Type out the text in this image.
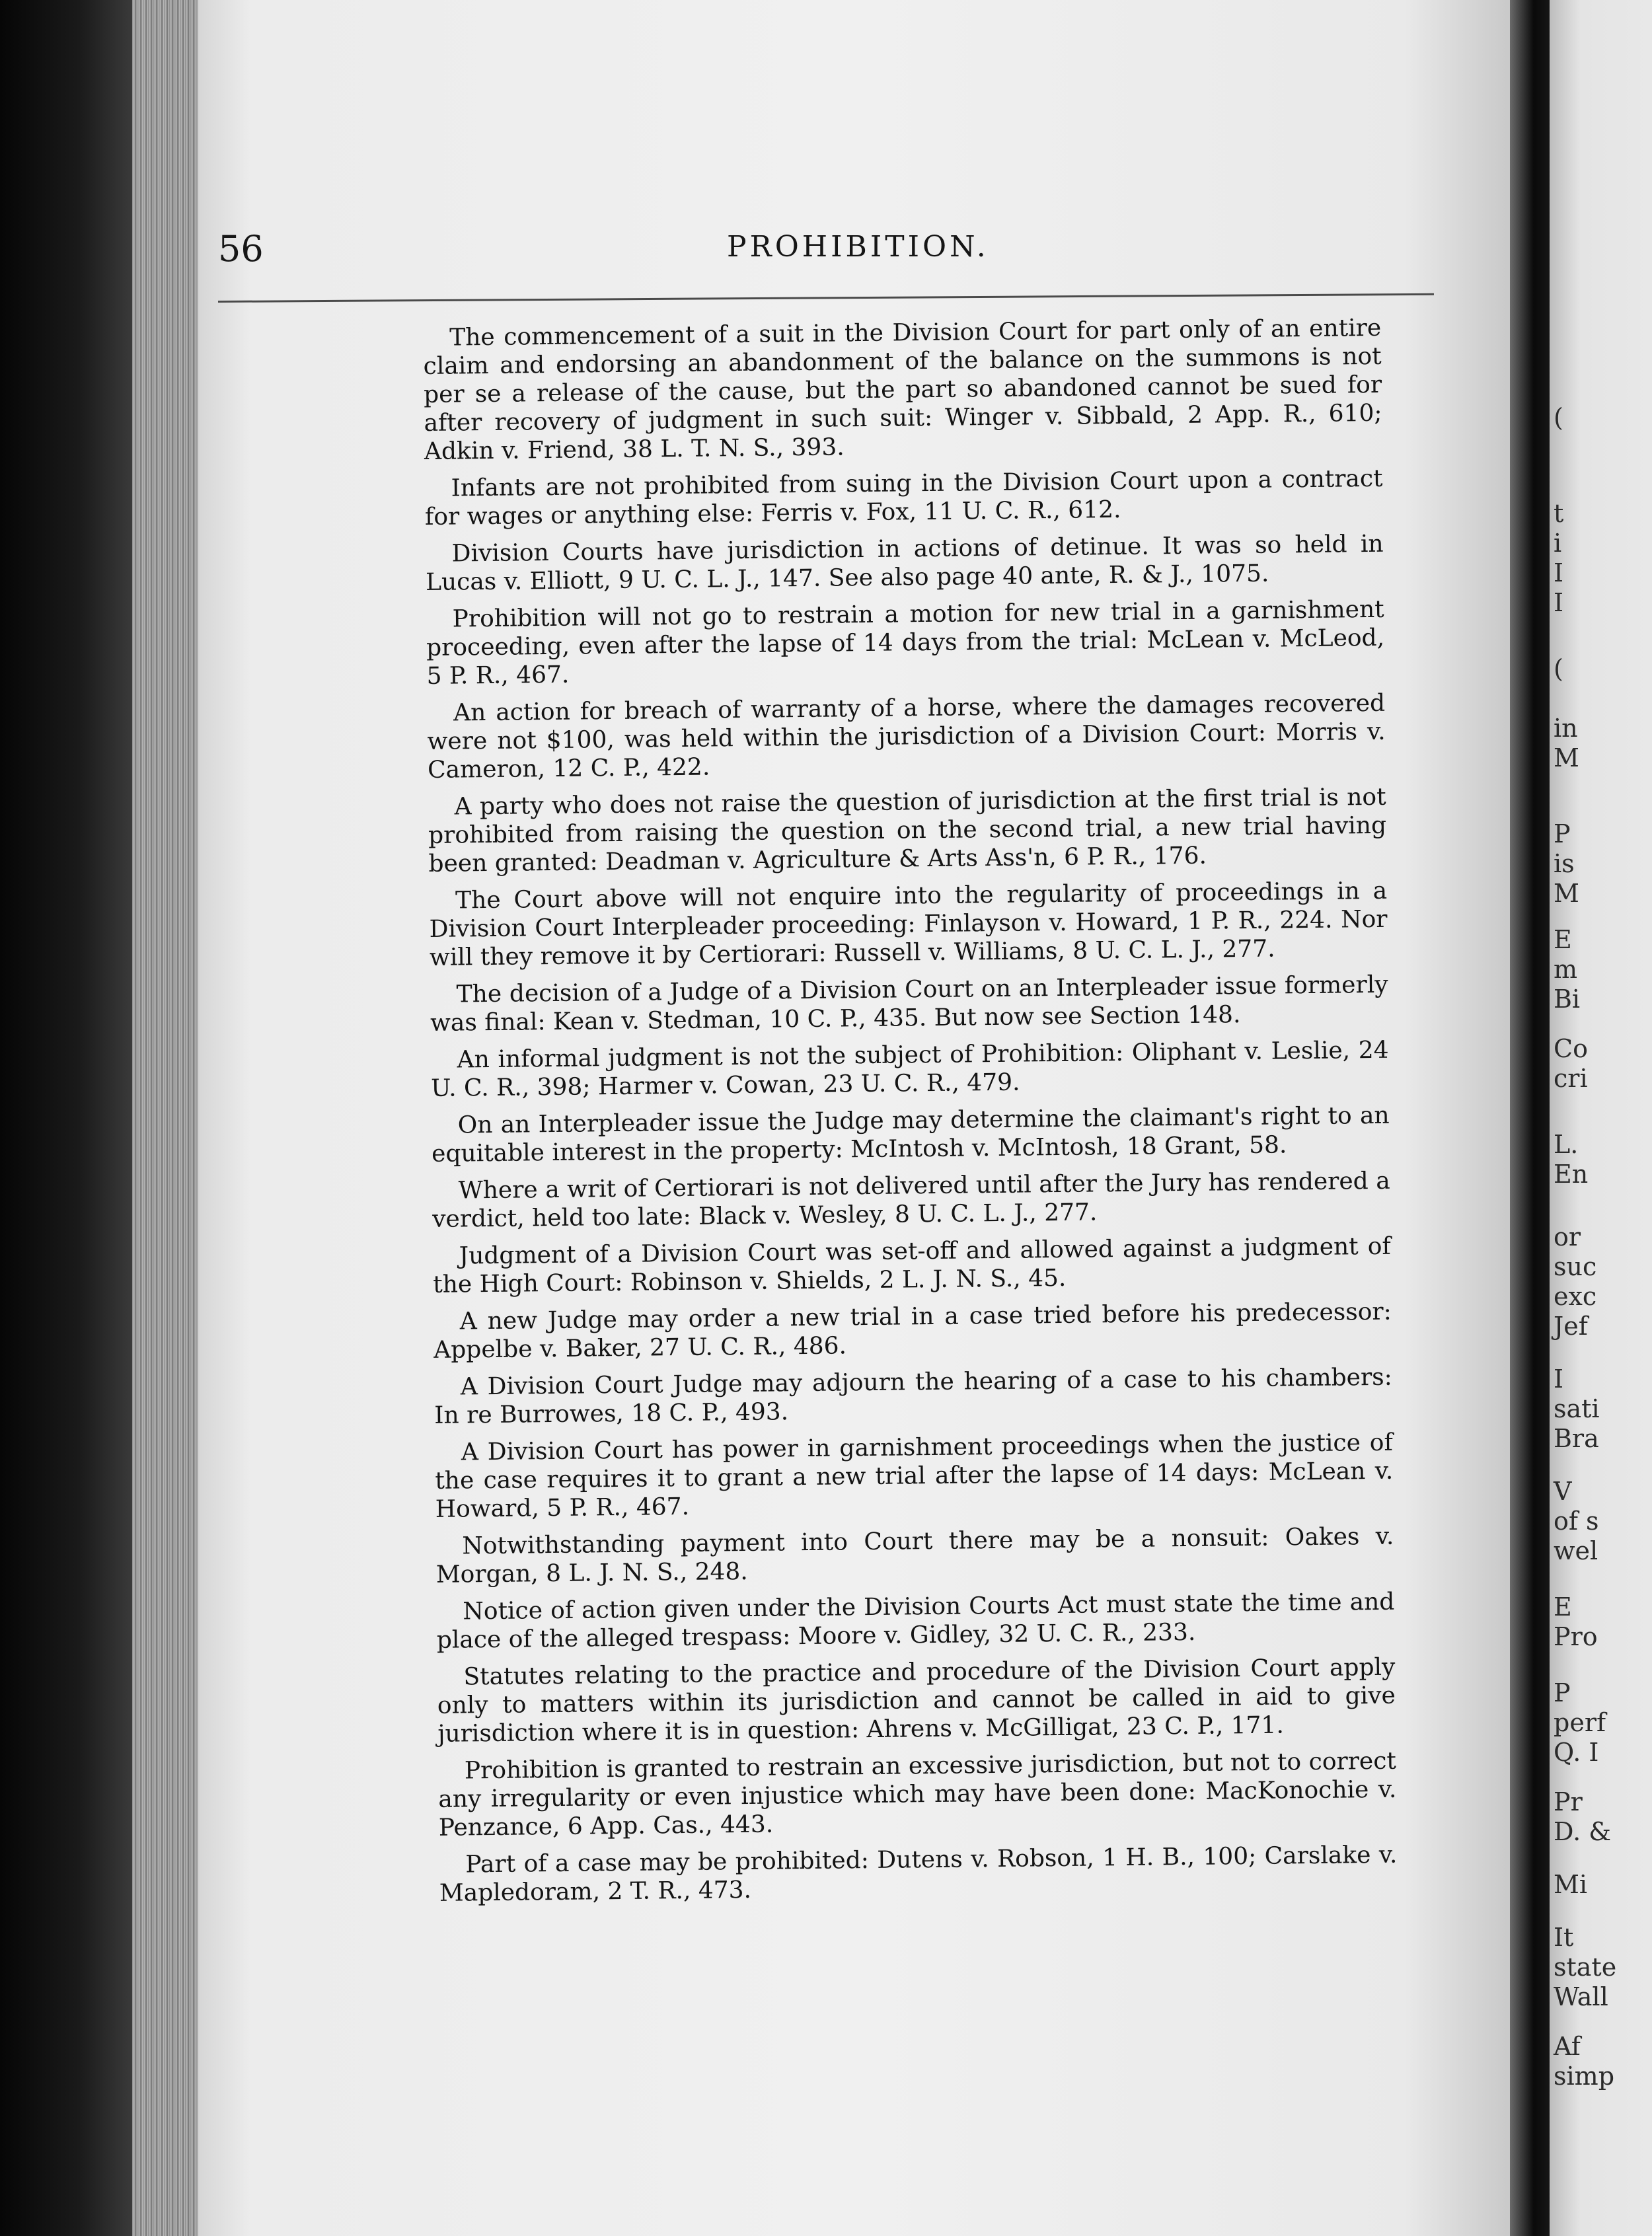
56	PROHIBITION.

The commencement of a suit in the Division Court for part only of an entire claim and endorsing an abandonment of the balance on the summons is not per se a release of the cause, but the part so abandoned cannot be sued for after recovery of judgment in such suit: Winger v. Sibbald, 2 App. R., 610; Adkin v. Friend, 38 L. T. N. S., 393.

Infants are not prohibited from suing in the Division Court upon a contract for wages or anything else: Ferris v. Fox, 11 U. C. R., 612.

Division Courts have jurisdiction in actions of detinue. It was so held in Lucas v. Elliott, 9 U. C. L. J., 147. See also page 40 ante, R. & J., 1075.

Prohibition will not go to restrain a motion for new trial in a garnishment proceeding, even after the lapse of 14 days from the trial: McLean v. McLeod, 5 P. R., 467.

An action for breach of warranty of a horse, where the damages recovered were not $100, was held within the jurisdiction of a Division Court: Morris v. Cameron, 12 C. P., 422.

A party who does not raise the question of jurisdiction at the first trial is not prohibited from raising the question on the second trial, a new trial having been granted: Deadman v. Agriculture & Arts Ass'n, 6 P. R., 176.

The Court above will not enquire into the regularity of proceedings in a Division Court Interpleader proceeding: Finlayson v. Howard, 1 P. R., 224. Nor will they remove it by Certiorari: Russell v. Williams, 8 U. C. L. J., 277.

The decision of a Judge of a Division Court on an Interpleader issue formerly was final: Kean v. Stedman, 10 C. P., 435. But now see Section 148.

An informal judgment is not the subject of Prohibition: Oliphant v. Leslie, 24 U. C. R., 398; Harmer v. Cowan, 23 U. C. R., 479.

On an Interpleader issue the Judge may determine the claimant's right to an equitable interest in the property: McIntosh v. McIntosh, 18 Grant, 58.

Where a writ of Certiorari is not delivered until after the Jury has rendered a verdict, held too late: Black v. Wesley, 8 U. C. L. J., 277.

Judgment of a Division Court was set-off and allowed against a judgment of the High Court: Robinson v. Shields, 2 L. J. N. S., 45.

A new Judge may order a new trial in a case tried before his predecessor: Appelbe v. Baker, 27 U. C. R., 486.

A Division Court Judge may adjourn the hearing of a case to his chambers: In re Burrowes, 18 C. P., 493.

A Division Court has power in garnishment proceedings when the justice of the case requires it to grant a new trial after the lapse of 14 days: McLean v. Howard, 5 P. R., 467.

Notwithstanding payment into Court there may be a nonsuit: Oakes v. Morgan, 8 L. J. N. S., 248.

Notice of action given under the Division Courts Act must state the time and place of the alleged trespass: Moore v. Gidley, 32 U. C. R., 233.

Statutes relating to the practice and procedure of the Division Court apply only to matters within its jurisdiction and cannot be called in aid to give jurisdiction where it is in question: Ahrens v. McGilligat, 23 C. P., 171.

Prohibition is granted to restrain an excessive jurisdiction, but not to correct any irregularity or even injustice which may have been done: MacKonochie v. Penzance, 6 App. Cas., 443.

Part of a case may be prohibited: Dutens v. Robson, 1 H. B., 100; Carslake v. Mapledoram, 2 T. R., 473.

(
t
i
I
I
(
in
M
P
is
M
E
m
Bi
Co
cri
L.
En
or
suc
exc
Jef
I
sati
Bra
V
of s
wel
E
Pro
P
perf
Q. I
Pr
D. &
Mi
It
state
Wall
Af
simp
